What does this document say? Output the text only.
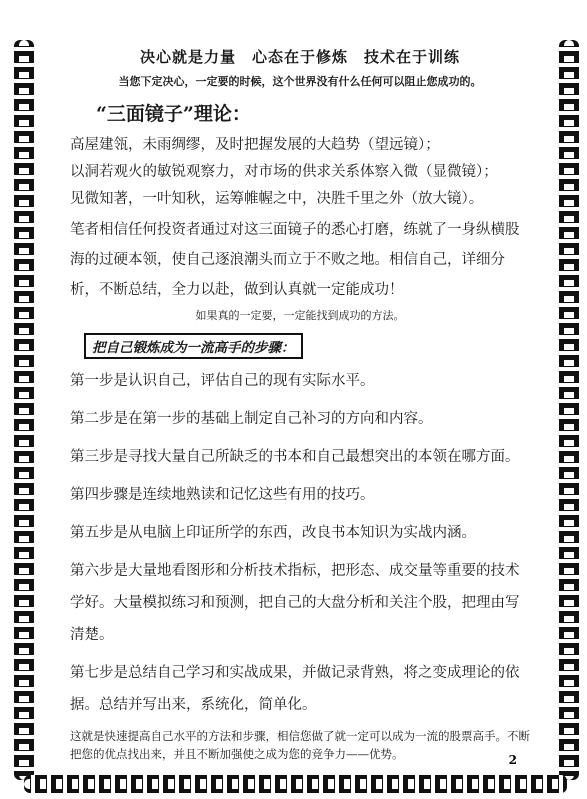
决心就是力量　心态在于修炼　技术在于训练

当您下定决心，一定要的时候，这个世界没有什么任何可以阻止您成功的。

“三面镜子”理论：

高屋建瓴，未雨绸缪，及时把握发展的大趋势（望远镜）；

以洞若观火的敏锐观察力，对市场的供求关系体察入微（显微镜）；

见微知著，一叶知秋，运筹帷幄之中，决胜千里之外（放大镜）。

笔者相信任何投资者通过对这三面镜子的悉心打磨，练就了一身纵横股海的过硬本领，使自己逐浪潮头而立于不败之地。相信自己，详细分析，不断总结，全力以赴，做到认真就一定能成功！

如果真的一定要，一定能找到成功的方法。

把自己锻炼成为一流高手的步骤：

第一步是认识自己，评估自己的现有实际水平。

第二步是在第一步的基础上制定自己补习的方向和内容。

第三步是寻找大量自己所缺乏的书本和自己最想突出的本领在哪方面。

第四步骤是连续地熟读和记忆这些有用的技巧。

第五步是从电脑上印证所学的东西，改良书本知识为实战内涵。

第六步是大量地看图形和分析技术指标，把形态、成交量等重要的技术学好。大量模拟练习和预测，把自己的大盘分析和关注个股，把理由写清楚。

第七步是总结自己学习和实战成果，并做记录背熟，将之变成理论的依据。总结并写出来，系统化，简单化。

这就是快速提高自己水平的方法和步骤，相信您做了就一定可以成为一流的股票高手。不断把您的优点找出来，并且不断加强使之成为您的竞争力——优势。	2
